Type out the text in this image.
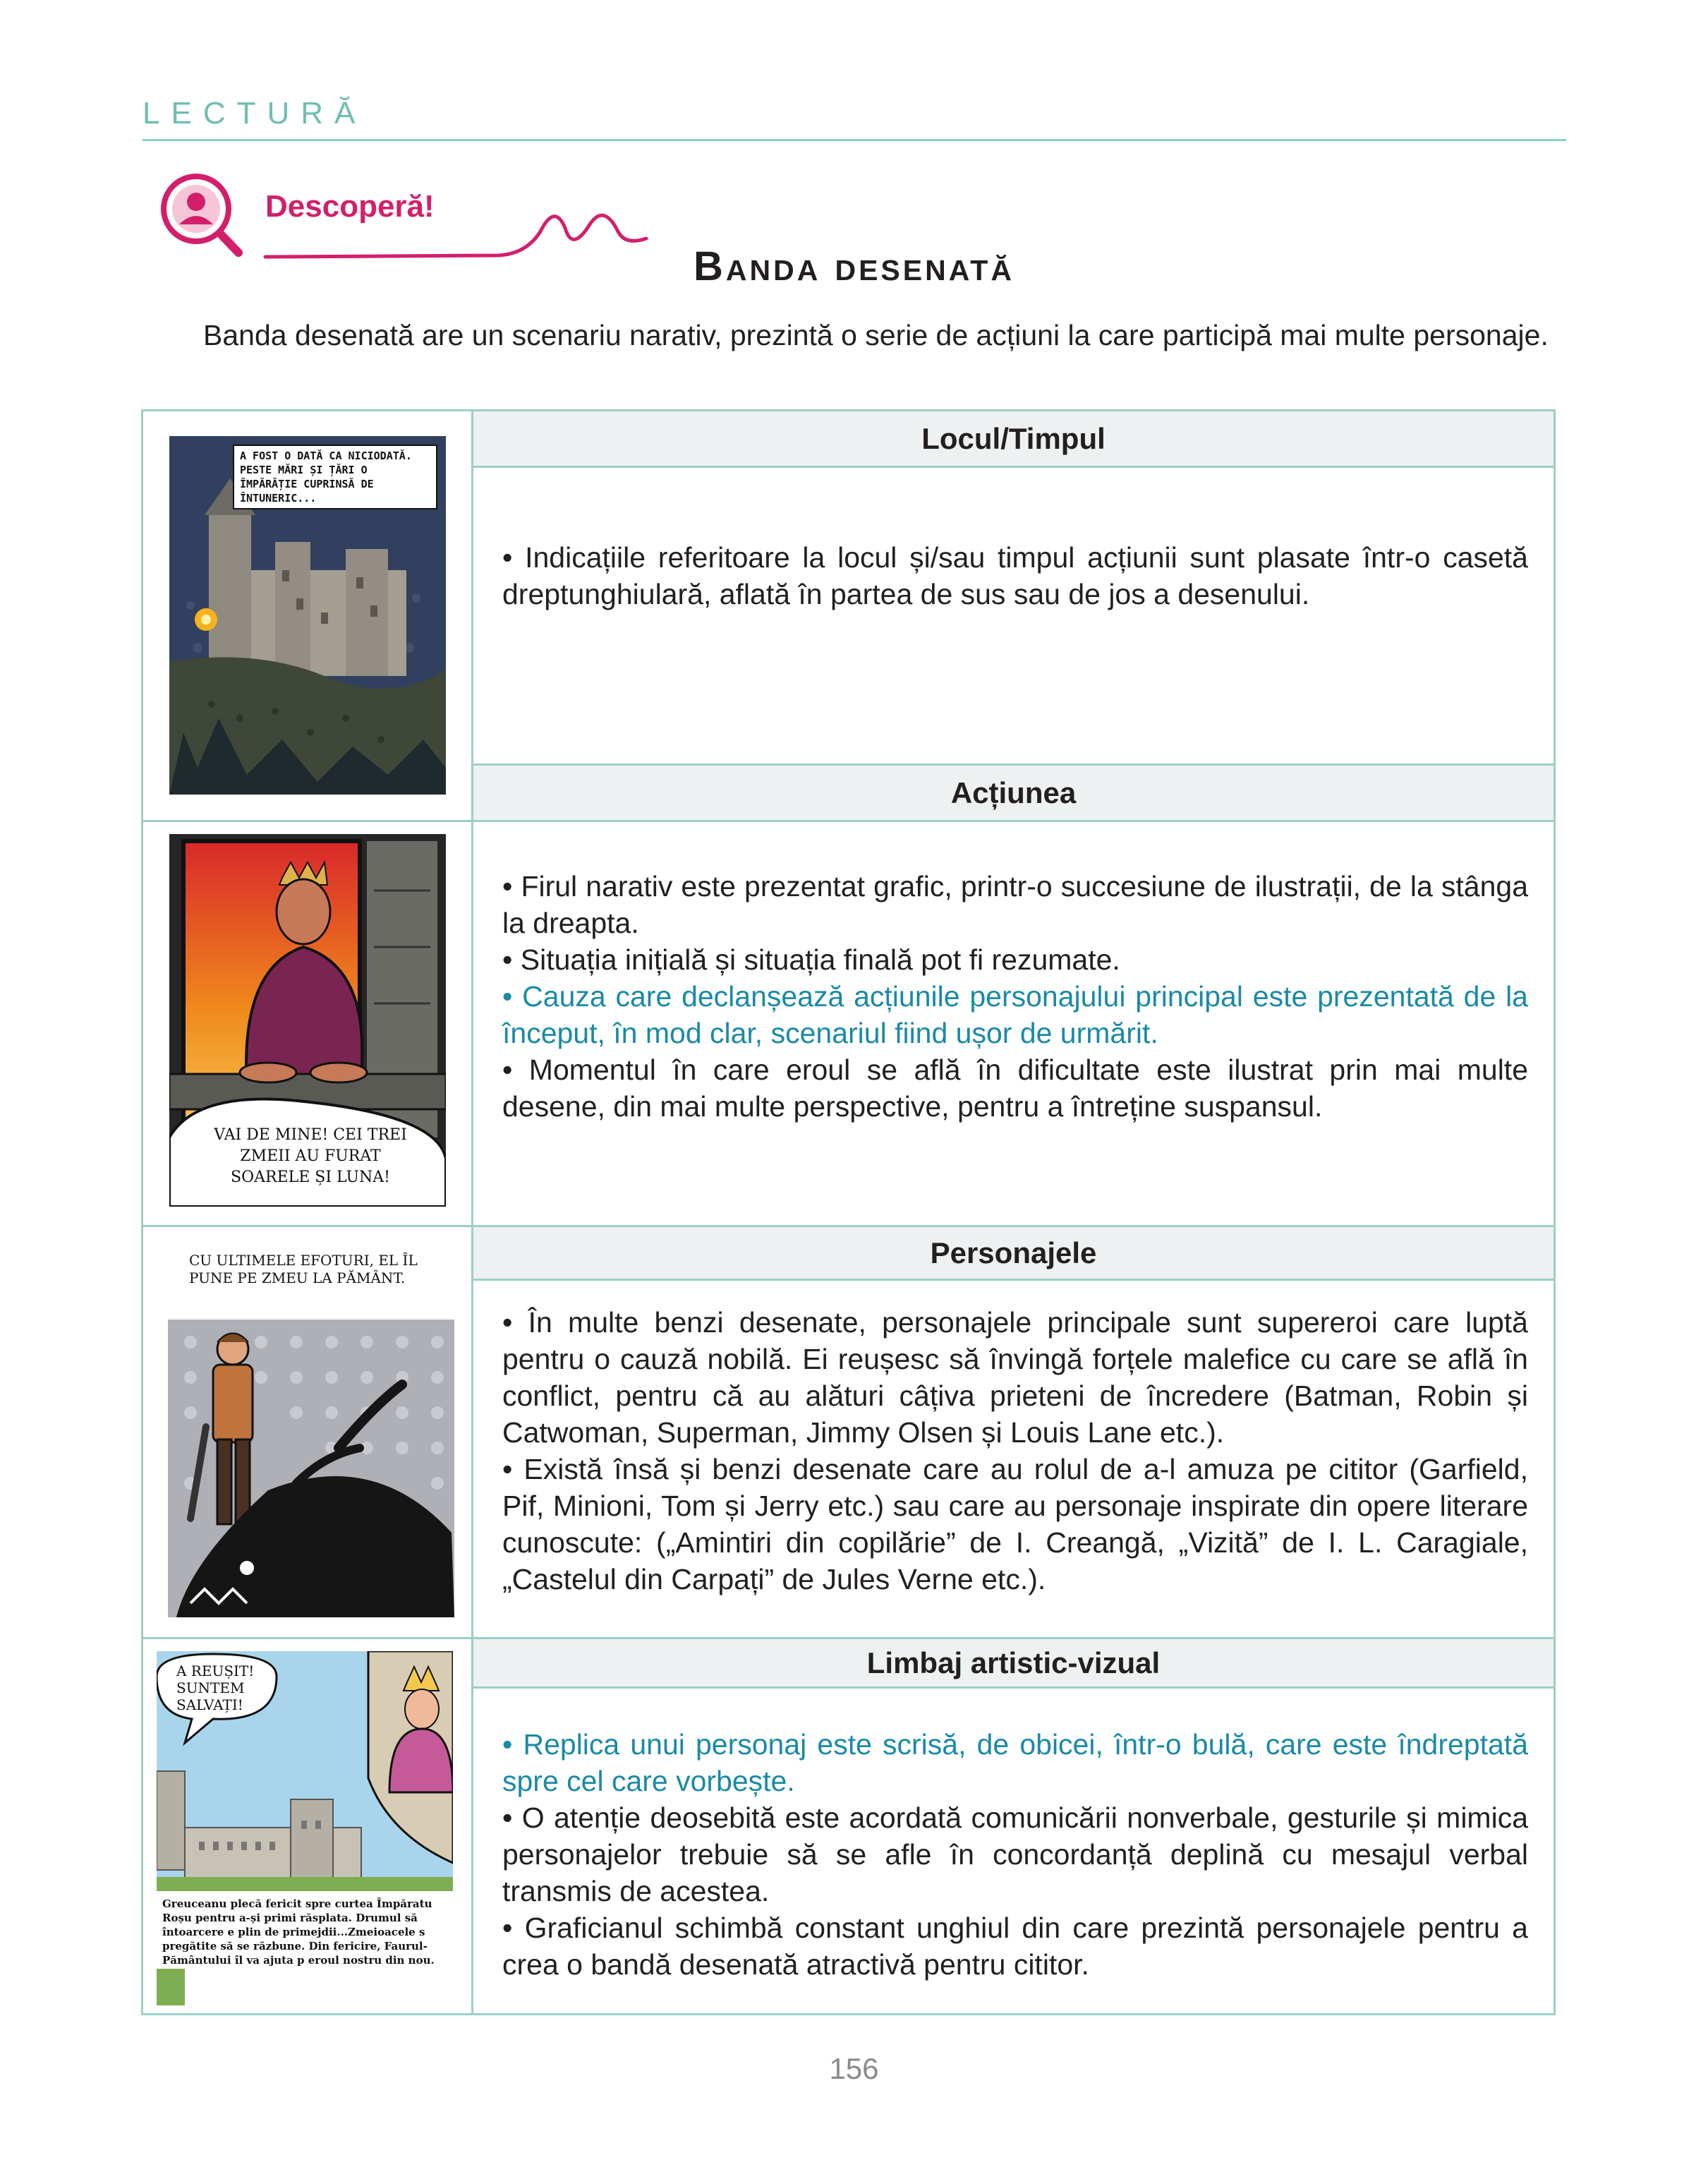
LECTURĂ
Descoperă!
Banda desenată
Banda desenată are un scenariu narativ, prezintă o serie de acțiuni la care participă mai multe personaje.
Locul/Timpul
Acțiunea
Personajele
Limbaj artistic-vizual

• Indicațiile referitoare la locul și/sau timpul acțiunii sunt plasate într-o casetă dreptunghiulară, aflată în partea de sus sau de jos a desenului.

• Firul narativ este prezentat grafic, printr-o succesiune de ilustrații, de la stânga la dreapta.

• Situația inițială și situația finală pot fi rezumate.

• Cauza care declanșează acțiunile personajului principal este prezentată de la început, în mod clar, scenariul fiind ușor de urmărit.

• Momentul în care eroul se află în dificultate este ilustrat prin mai multe desene, din mai multe perspective, pentru a întreține suspansul.

• În multe benzi desenate, personajele principale sunt supereroi care luptă pentru o cauză nobilă. Ei reușesc să învingă forțele malefice cu care se află în conflict, pentru că au alături câțiva prieteni de încredere (Batman, Robin și Catwoman, Superman, Jimmy Olsen și Louis Lane etc.).

• Există însă și benzi desenate care au rolul de a-l amuza pe cititor (Garfield, Pif, Minioni, Tom și Jerry etc.) sau care au personaje inspirate din opere literare cunoscute: („Amintiri din copilărie” de I. Creangă, „Vizită” de I. L. Caragiale, „Castelul din Carpați” de Jules Verne etc.).

• Replica unui personaj este scrisă, de obicei, într-o bulă, care este îndreptată spre cel care vorbește.

• O atenție deosebită este acordată comunicării nonverbale, gesturile și mimica personajelor trebuie să se afle în concordanță deplină cu mesajul verbal transmis de acestea.

• Graficianul schimbă constant unghiul din care prezintă personajele pentru a crea o bandă desenată atractivă pentru cititor.

A FOST O DATĂ CA NICIODATĂ. PESTE MĂRI ȘI ȚĂRI O ÎMPĂRĂȚIE CUPRINSĂ DE ÎNTUNERIC...
VAI DE MINE! CEI TREI ZMEII AU FURAT SOARELE ȘI LUNA!
CU ULTIMELE EFOTURI, EL ÎL PUNE PE ZMEU LA PĂMÂNT.
A REUȘIT! SUNTEM SALVAȚI!
Greuceanu plecă fericit spre curtea Împăratu Roșu pentru a-și primi răsplata. Drumul să întoarcere e plin de primejdii...Zmeioacele s pregătite să se răzbune. Din fericire, Faurul-Pământului îl va ajuta p eroul nostru din nou.
156
